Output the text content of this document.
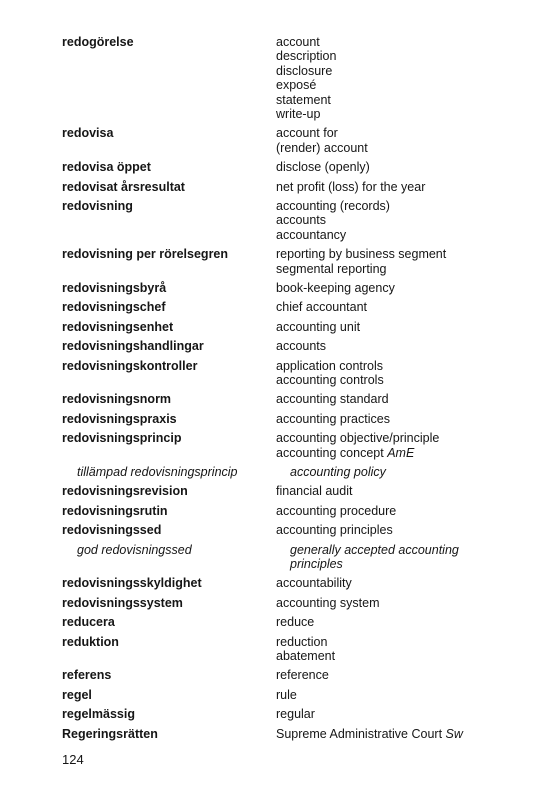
redogörelse	account
description
disclosure
exposé
statement
write-up
redovisa	account for
(render) account
redovisa öppet	disclose (openly)
redovisat årsresultat	net profit (loss) for the year
redovisning	accounting (records)
accounts
accountancy
redovisning per rörelsegren	reporting by business segment
segmental reporting
redovisningsbyrå	book-keeping agency
redovisningschef	chief accountant
redovisningsenhet	accounting unit
redovisningshandlingar	accounts
redovisningskontroller	application controls
accounting controls
redovisningsnorm	accounting standard
redovisningspraxis	accounting practices
redovisningsprincip	accounting objective/principle
accounting concept AmE
tillämpad redovisningsprincip	accounting policy
redovisningsrevision	financial audit
redovisningsrutin	accounting procedure
redovisningssed	accounting principles
god redovisningssed	generally accepted accounting
principles
redovisningsskyldighet	accountability
redovisningssystem	accounting system
reducera	reduce
reduktion	reduction
abatement
referens	reference
regel	rule
regelmässig	regular
Regeringsrätten	Supreme Administrative Court Sw
124
